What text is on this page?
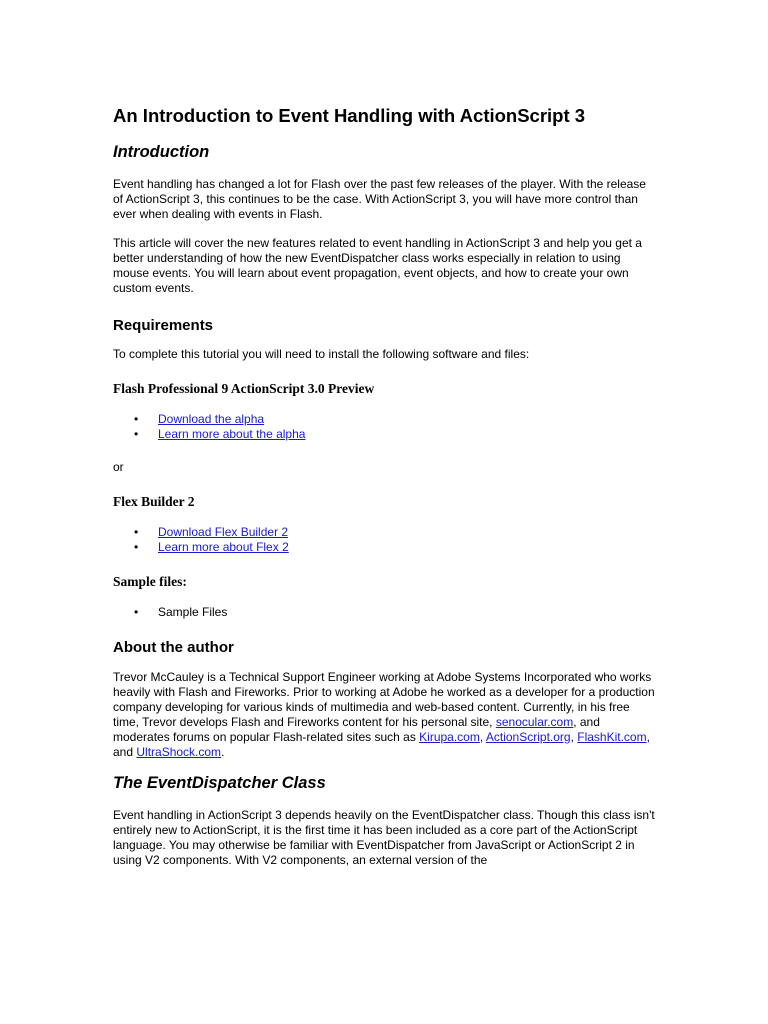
An Introduction to Event Handling with ActionScript 3
Introduction

Event handling has changed a lot for Flash over the past few releases of the player. With the release of ActionScript 3, this continues to be the case. With ActionScript 3, you will have more control than ever when dealing with events in Flash.

This article will cover the new features related to event handling in ActionScript 3 and help you get a better understanding of how the new EventDispatcher class works especially in relation to using mouse events. You will learn about event propagation, event objects, and how to create your own custom events.

Requirements

To complete this tutorial you will need to install the following software and files:

Flash Professional 9 ActionScript 3.0 Preview
• Download the alpha
• Learn more about the alpha

or

Flex Builder 2
• Download Flex Builder 2
• Learn more about Flex 2
Sample files:
• Sample Files
About the author

Trevor McCauley is a Technical Support Engineer working at Adobe Systems Incorporated who works heavily with Flash and Fireworks. Prior to working at Adobe he worked as a developer for a production company developing for various kinds of multimedia and web-based content. Currently, in his free time, Trevor develops Flash and Fireworks content for his personal site, senocular.com, and moderates forums on popular Flash-related sites such as Kirupa.com, ActionScript.org, FlashKit.com, and UltraShock.com.

The EventDispatcher Class

Event handling in ActionScript 3 depends heavily on the EventDispatcher class. Though this class isn't entirely new to ActionScript, it is the first time it has been included as a core part of the ActionScript language. You may otherwise be familiar with EventDispatcher from JavaScript or ActionScript 2 in using V2 components. With V2 components, an external version of the
